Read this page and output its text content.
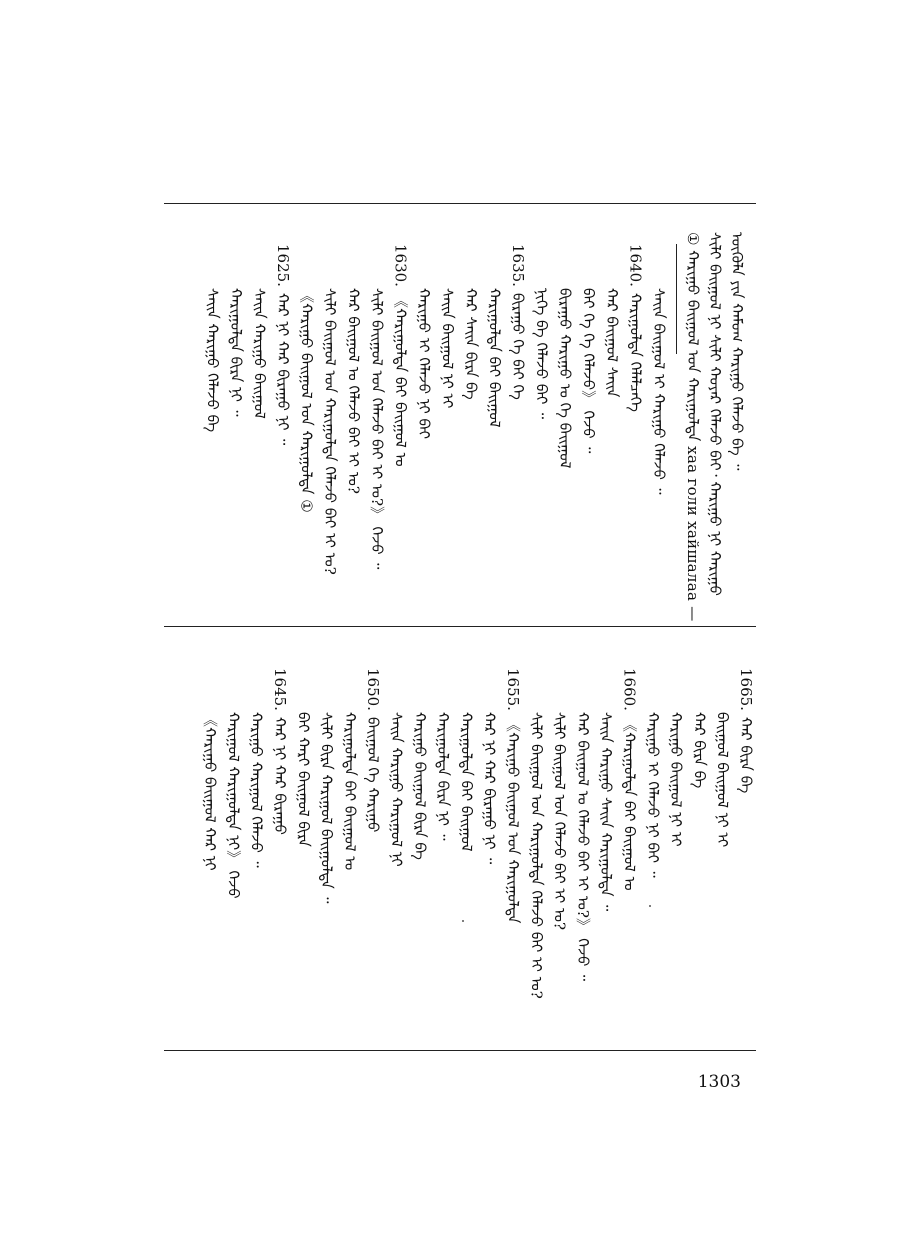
ᠦᠭᠦᠯᠡ ᠶᠢᠨ ᠬᠠᠮᠤᠭ ᠬᠠᠷᠢᠭᠤ ᠬᠡᠯᠡᠵᠦ ᠪᠡ ᠃
ᠰᠢᠯᠢ ᠪᠠᠢᠭᠤᠯ ᠨᠢ ᠰᠢᠯᠢ ᠬᠤᠶᠠᠷ ᠬᠡᠯᠡᠵᠦ ᠪᠠᠢ᠂ ᠬᠠᠷᠢᠭᠤ ᠨᠢ ᠬᠠᠷᠢᠭᠤ
① ᠬᠠᠷᠢᠭᠤ ᠪᠠᠢᠭᠤᠯ ᠤᠨ ᠬᠠᠷᠢᠭᠤᠯᠲᠠ xaa голи xaйшалаа —
ᠰᠠᠢᠨ ᠪᠠᠢᠭᠤᠯ ᠢ ᠬᠠᠷᠢᠭᠤ ᠬᠡᠯᠡᠵᠦ ᠃
1640.
ᠬᠠᠷᠢᠭᠤᠯᠲᠠ ᠬᠡᠯᠡᠯᠴᠡᠭᠡ
ᠬᠠᠷ ᠪᠠᠢᠭᠤᠯ ᠰᠠᠢᠨ
ᠪᠠᠢ ᠭᠡ ᠭᠡ ᠬᠡᠯᠡᠵᠦ》 ᠭᠡᠵᠦ ᠃
ᠪᠢᠷᠠᠭᠤ ᠬᠠᠷᠢᠭᠤ ᠤ ᠭᠡ ᠪᠠᠢᠭᠤᠯ
ᠨᠢᠭᠡ ᠪᠡ ᠬᠡᠯᠡᠵᠦ ᠪᠠᠢ ᠃
1635.
ᠪᠢᠷᠠᠭᠤ ᠬᠡ ᠪᠠᠢ ᠬᠡ
ᠬᠠᠷᠢᠭᠤᠯᠲᠠ ᠪᠠᠢ ᠪᠠᠢᠭᠤᠯ
ᠬᠠᠷ ᠰᠠᠢᠨ ᠪᠢᠷᠠ ᠪᠡ
ᠰᠠᠢᠨ ᠪᠠᠢᠭᠤᠯ ᠨᠢ ᠢ
ᠬᠠᠷᠢᠭᠤ ᠢ ᠬᠡᠯᠡᠵᠦ ᠨᠢ ᠪᠠᠢ
1630.
《ᠬᠠᠷᠢᠭᠤᠯᠲᠠ ᠪᠠᠢ ᠪᠠᠢᠭᠤᠯ ᠤ
ᠰᠢᠯᠢ ᠪᠠᠢᠭᠤᠯ ᠤᠨ ᠬᠡᠯᠡᠵᠦ ᠪᠠᠢ ᠢ ᠤ?》 ᠭᠡᠵᠦ ᠃
ᠬᠠᠷ ᠪᠠᠢᠭᠤᠯ ᠤ ᠬᠡᠯᠡᠵᠦ ᠪᠠᠢ ᠢ ᠤ?
ᠰᠢᠯᠢ ᠪᠠᠢᠭᠤᠯ ᠤᠨ ᠬᠠᠷᠢᠭᠤᠯᠲᠠ ᠬᠡᠯᠡᠵᠦ ᠪᠠᠢ ᠢ ᠤ?
《ᠬᠠᠷᠢᠭᠤ ᠪᠠᠢᠭᠤᠯ ᠤᠨ ᠬᠠᠷᠢᠭᠤᠯᠲᠠ ①
1625.
ᠬᠠᠷ ᠨᠢ ᠬᠠᠷ ᠪᠢᠷᠠᠭᠤ ᠨᠢ ᠃
ᠰᠠᠢᠨ ᠬᠠᠷᠢᠭᠤ ᠪᠠᠢᠭᠤᠯ
ᠬᠠᠷᠢᠭᠤᠯᠲᠠ ᠪᠢᠷᠠ ᠨᠢ ᠃
ᠰᠠᠢᠨ ᠬᠠᠷᠢᠭᠤ ᠬᠡᠯᠡᠵᠦ ᠪᠡ
1665.
ᠬᠠᠷ ᠪᠢᠷᠠ ᠪᠡ
ᠪᠠᠢᠭᠤᠯ ᠪᠠᠢᠭᠤᠯ ᠨᠢ ᠢ
ᠬᠠᠷ ᠪᠢᠷᠠ ᠪᠡ
ᠬᠠᠷᠢᠭᠤ ᠪᠠᠢᠭᠤᠯ ᠨᠢ ᠢ
ᠬᠠᠷᠢᠭᠤ ᠢ ᠬᠡᠯᠡᠵᠦ ᠨᠢ ᠪᠠᠢ ᠃
1660.
《ᠬᠠᠷᠢᠭᠤᠯᠲᠠ ᠪᠠᠢ ᠪᠠᠢᠭᠤᠯ ᠤ
ᠰᠠᠢᠨ ᠬᠠᠷᠢᠭᠤ ᠰᠠᠢᠨ ᠬᠠᠷᠢᠭᠤᠯᠲᠠ ᠃
ᠬᠠᠷ ᠪᠠᠢᠭᠤᠯ ᠤ ᠬᠡᠯᠡᠵᠦ ᠪᠠᠢ ᠢ ᠤ?》 ᠭᠡᠵᠦ ᠃
ᠰᠢᠯᠢ ᠪᠠᠢᠭᠤᠯ ᠤᠨ ᠬᠡᠯᠡᠵᠦ ᠪᠠᠢ ᠢ ᠤ?
ᠰᠢᠯᠢ ᠪᠠᠢᠭᠤᠯ ᠤᠨ ᠬᠠᠷᠢᠭᠤᠯᠲᠠ ᠬᠡᠯᠡᠵᠦ ᠪᠠᠢ ᠢ ᠤ?
1655.
《ᠬᠠᠷᠢᠭᠤ ᠪᠠᠢᠭᠤᠯ ᠤᠨ ᠬᠠᠷᠢᠭᠤᠯᠲᠠ
ᠬᠠᠷ ᠨᠢ ᠬᠠᠷ ᠪᠢᠷᠠᠭᠤ ᠨᠢ ᠃
ᠬᠠᠷᠢᠭᠤᠯᠲᠠ ᠪᠠᠢ ᠪᠠᠢᠭᠤᠯ
ᠬᠠᠷᠢᠭᠤᠯᠲᠠ ᠪᠢᠷᠠ ᠨᠢ ᠃
ᠬᠠᠷᠢᠭᠤ ᠪᠠᠢᠭᠤᠯ ᠪᠢᠷᠠ ᠪᠡ
ᠰᠠᠢᠨ ᠬᠠᠷᠢᠭᠤ ᠬᠠᠷᠢᠭᠤᠯ ᠨᠢ
1650.
ᠪᠠᠢᠭᠤᠯ ᠭᠡ ᠬᠠᠷᠢᠭᠤ
ᠬᠠᠷᠢᠭᠤᠯᠲᠠ ᠪᠠᠢ ᠪᠠᠢᠭᠤᠯ ᠤ
ᠰᠢᠯᠢ ᠪᠢᠷᠠ ᠬᠠᠷᠢᠭᠤᠯ ᠪᠠᠢᠭᠤᠯᠲᠠ ᠃
ᠪᠠᠢ ᠬᠠᠷᠢ ᠪᠠᠢᠭᠤᠯ ᠪᠢᠷᠠ
1645.
ᠬᠠᠷ ᠨᠢ ᠬᠠᠷ ᠪᠢᠷᠠᠭᠤ
ᠬᠠᠷᠢᠭᠤ ᠬᠠᠷᠢᠭᠤᠯ ᠬᠡᠯᠡᠵᠦ ᠃
ᠬᠠᠷᠢᠭᠤᠯ ᠬᠠᠷᠢᠭᠤᠯᠲᠠ ᠨᠢ》 ᠭᠡᠵᠦ
《ᠬᠠᠷᠢᠭᠤ ᠪᠠᠢᠭᠤᠯ ᠬᠠᠷ ᠨᠢ
1303
